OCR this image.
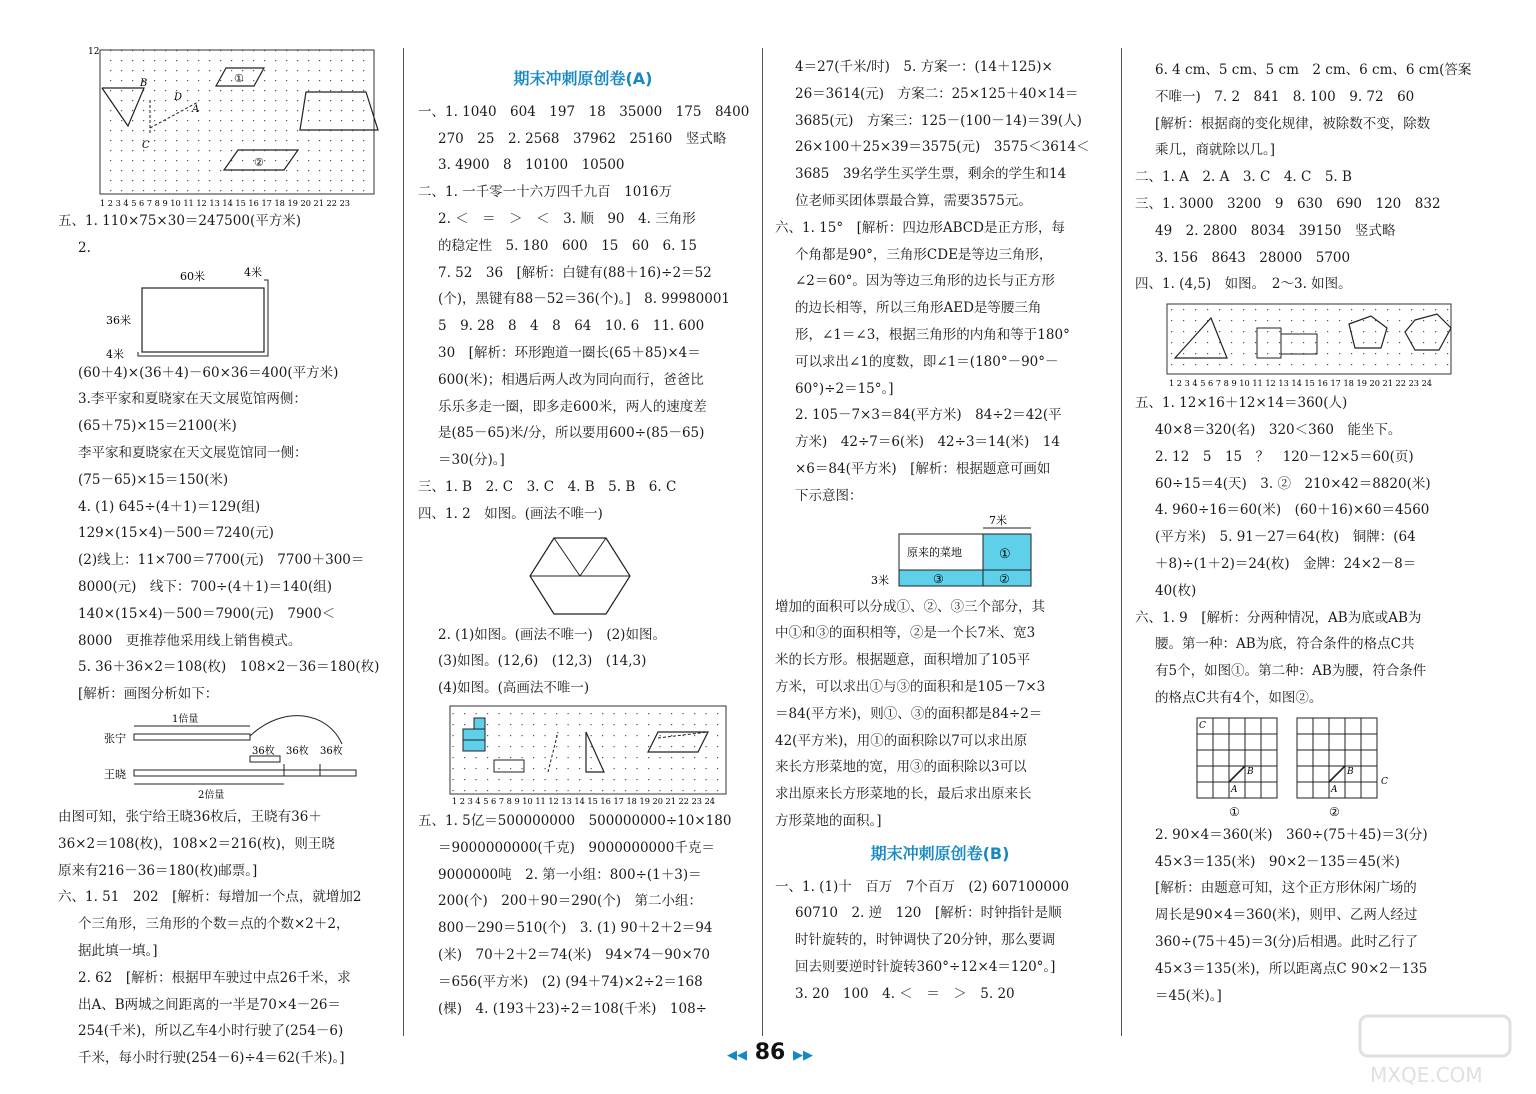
12
B
C
D
A
①
②
1 2 3 4 5 6 7 8 9 10 11 12 13 14 15 16 17 18 19 20 21 22 23

五、1. 110×75×30＝247500(平方米)

2.

60米	4米
36米
4米

(60＋4)×(36＋4)－60×36＝400(平方米)

3.李平家和夏晓家在天文展览馆两侧：

(65＋75)×15＝2100(米)

李平家和夏晓家在天文展览馆同一侧：

(75－65)×15＝150(米)

4. (1) 645÷(4＋1)＝129(组)

129×(15×4)－500＝7240(元)

(2)线上：11×700＝7700(元)　7700＋300＝

8000(元)　线下：700÷(4＋1)＝140(组)

140×(15×4)－500＝7900(元)　7900＜

8000　更推荐他采用线上销售模式。

5. 36＋36×2＝108(枚)　108×2－36＝180(枚)

[解析：画图分析如下：

1倍量
张宁
36枚 36枚 36枚
王晓
2倍量

由图可知，张宁给王晓36枚后，王晓有36＋

36×2＝108(枚)，108×2＝216(枚)，则王晓

原来有216－36＝180(枚)邮票。]

六、1. 51　202　[解析：每增加一个点，就增加2

个三角形，三角形的个数＝点的个数×2＋2，

据此填一填。]

2. 62　[解析：根据甲车驶过中点26千米，求

出A、B两城之间距离的一半是70×4－26＝

254(千米)，所以乙车4小时行驶了(254－6)

千米，每小时行驶(254－6)÷4＝62(千米)。]

期末冲刺原创卷(A)

一、1. 1040　604　197　18　35000　175　8400

270　25　2. 2568　37962　25160　竖式略

3. 4900　8　10100　10500

二、1. 一千零一十六万四千九百　1016万

2. ＜　＝　＞　＜　3. 顺　90　4. 三角形

的稳定性　5. 180　600　15　60　6. 15

7. 52　36　[解析：白键有(88＋16)÷2＝52

(个)，黑键有88－52＝36(个)。]　8. 99980001

5　9. 28　8　4　8　64　10. 6　11. 600

30　[解析：环形跑道一圈长(65＋85)×4＝

600(米)；相遇后两人改为同向而行，爸爸比

乐乐多走一圈，即多走600米，两人的速度差

是(85－65)米/分，所以要用600÷(85－65)

＝30(分)。]

三、1. B　2. C　3. C　4. B　5. B　6. C

四、1. 2　如图。(画法不唯一)

2. (1)如图。(画法不唯一)　(2)如图。

(3)如图。(12,6)　(12,3)　(14,3)

(4)如图。(高画法不唯一)

1 2 3 4 5 6 7 8 9 10 11 12 13 14 15 16 17 18 19 20 21 22 23 24

五、1. 5亿＝500000000　500000000÷10×180

＝9000000000(千克)　9000000000千克＝

9000000吨　2. 第一小组：800÷(1＋3)＝

200(个)　200＋90＝290(个)　第二小组：

800－290＝510(个)　3. (1) 90＋2＋2＝94

(米)　70＋2＋2＝74(米)　94×74－90×70

＝656(平方米)　(2) (94＋74)×2÷2＝168

(棵)　4. (193＋23)÷2＝108(千米)　108÷

4＝27(千米/时)　5. 方案一：(14＋125)×

26＝3614(元)　方案二：25×125＋40×14＝

3685(元)　方案三：125－(100－14)＝39(人)

26×100＋25×39＝3575(元)　3575＜3614＜

3685　39名学生买学生票，剩余的学生和14

位老师买团体票最合算，需要3575元。

六、1. 15°　[解析：四边形ABCD是正方形，每

个角都是90°，三角形CDE是等边三角形，

∠2＝60°。因为等边三角形的边长与正方形

的边长相等，所以三角形AED是等腰三角

形，∠1＝∠3，根据三角形的内角和等于180°

可以求出∠1的度数，即∠1＝(180°－90°－

60°)÷2＝15°。]

2. 105－7×3＝84(平方米)　84÷2＝42(平

方米)　42÷7＝6(米)　42÷3＝14(米)　14

×6＝84(平方米)　[解析：根据题意可画如

下示意图：

7米
3米
原来的菜地	①
②
③

增加的面积可以分成①、②、③三个部分，其

中①和③的面积相等，②是一个长7米、宽3

米的长方形。根据题意，面积增加了105平

方米，可以求出①与③的面积和是105－7×3

＝84(平方米)，则①、③的面积都是84÷2＝

42(平方米)，用①的面积除以7可以求出原

来长方形菜地的宽，用③的面积除以3可以

求出原来长方形菜地的长，最后求出原来长

方形菜地的面积。]

期末冲刺原创卷(B)

一、1. (1)十　百万　7个百万　(2) 607100000

60710　2. 逆　120　[解析：时钟指针是顺

时针旋转的，时钟调快了20分钟，那么要调

回去则要逆时针旋转360°÷12×4＝120°。]

3. 20　100　4. ＜　＝　＞　5. 20

6. 4 cm、5 cm、5 cm　2 cm、6 cm、6 cm(答案

不唯一)　7. 2　841　8. 100　9. 72　60

[解析：根据商的变化规律，被除数不变，除数

乘几，商就除以几。]

二、1. A　2. A　3. C　4. C　5. B

三、1. 3000　3200　9　630　690　120　832

49　2. 2800　8034　39150　竖式略

3. 156　8643　28000　5700

四、1. (4,5)　如图。　2～3. 如图。

1 2 3 4 5 6 7 8 9 10 11 12 13 14 15 16 17 18 19 20 21 22 23 24

五、1. 12×16＋12×14＝360(人)

40×8＝320(名)　320＜360　能坐下。

2. 12　5　15　？　120－12×5＝60(页)

60÷15＝4(天)　3. ②　210×42＝8820(米)

4. 960÷16＝60(米)　(60＋16)×60＝4560

(平方米)　5. 91－27＝64(枚)　铜牌：(64

＋8)÷(1＋2)＝24(枚)　金牌：24×2－8＝

40(枚)

六、1. 9　[解析：分两种情况，AB为底或AB为

腰。第一种：AB为底，符合条件的格点C共

有5个，如图①。第二种：AB为腰，符合条件

的格点C共有4个，如图②。

A
B
C
A
B
C
①	②

2. 90×4＝360(米)　360÷(75＋45)＝3(分)

45×3＝135(米)　90×2－135＝45(米)

[解析：由题意可知，这个正方形休闲广场的

周长是90×4＝360(米)，则甲、乙两人经过

360÷(75＋45)＝3(分)后相遇。此时乙行了

45×3＝135(米)，所以距离点C 90×2－135

＝45(米)。]

◀◀ 86 ▶▶
MXQE.COM
